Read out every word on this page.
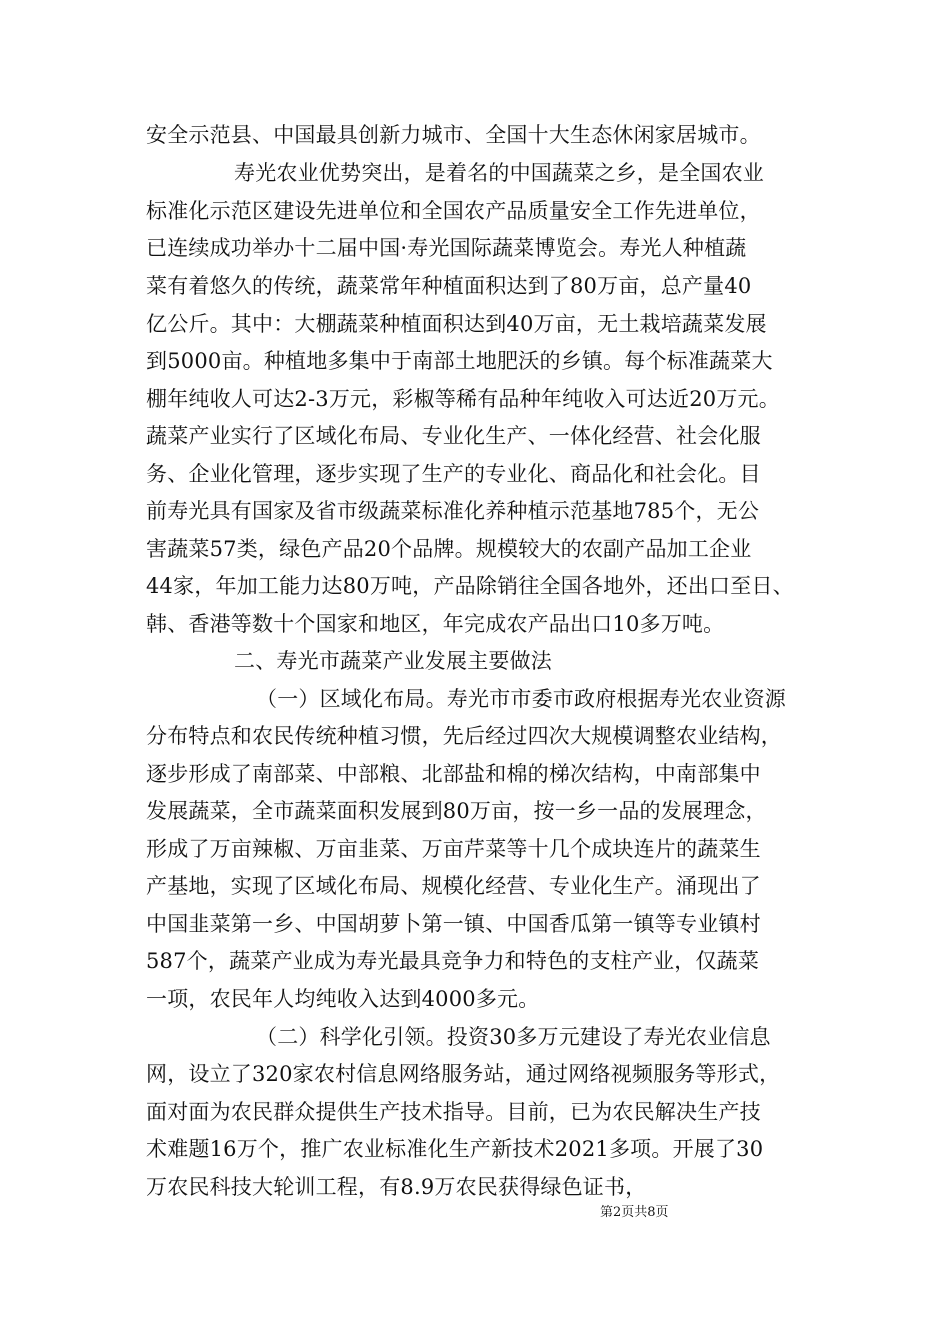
安全示范县、中国最具创新力城市、全国十大生态休闲家居城市。
寿光农业优势突出，是着名的中国蔬菜之乡，是全国农业
标准化示范区建设先进单位和全国农产品质量安全工作先进单位，
已连续成功举办十二届中国·寿光国际蔬菜博览会。寿光人种植蔬
菜有着悠久的传统，蔬菜常年种植面积达到了80万亩，总产量40
亿公斤。其中：大棚蔬菜种植面积达到40万亩，无土栽培蔬菜发展
到5000亩。种植地多集中于南部土地肥沃的乡镇。每个标准蔬菜大
棚年纯收人可达2-3万元，彩椒等稀有品种年纯收入可达近20万元。
蔬菜产业实行了区域化布局、专业化生产、一体化经营、社会化服
务、企业化管理，逐步实现了生产的专业化、商品化和社会化。目
前寿光具有国家及省市级蔬菜标准化养种植示范基地785个，无公
害蔬菜57类，绿色产品20个品牌。规模较大的农副产品加工企业
44家，年加工能力达80万吨，产品除销往全国各地外，还出口至日、
韩、香港等数十个国家和地区，年完成农产品出口10多万吨。
二、寿光市蔬菜产业发展主要做法
（一）区域化布局。寿光市市委市政府根据寿光农业资源
分布特点和农民传统种植习惯，先后经过四次大规模调整农业结构，
逐步形成了南部菜、中部粮、北部盐和棉的梯次结构，中南部集中
发展蔬菜，全市蔬菜面积发展到80万亩，按一乡一品的发展理念，
形成了万亩辣椒、万亩韭菜、万亩芹菜等十几个成块连片的蔬菜生
产基地，实现了区域化布局、规模化经营、专业化生产。涌现出了
中国韭菜第一乡、中国胡萝卜第一镇、中国香瓜第一镇等专业镇村
587个，蔬菜产业成为寿光最具竞争力和特色的支柱产业，仅蔬菜
一项，农民年人均纯收入达到4000多元。
（二）科学化引领。投资30多万元建设了寿光农业信息
网，设立了320家农村信息网络服务站，通过网络视频服务等形式，
面对面为农民群众提供生产技术指导。目前，已为农民解决生产技
术难题16万个，推广农业标准化生产新技术2021多项。开展了30
万农民科技大轮训工程，有8.9万农民获得绿色证书，
第2页共8页
